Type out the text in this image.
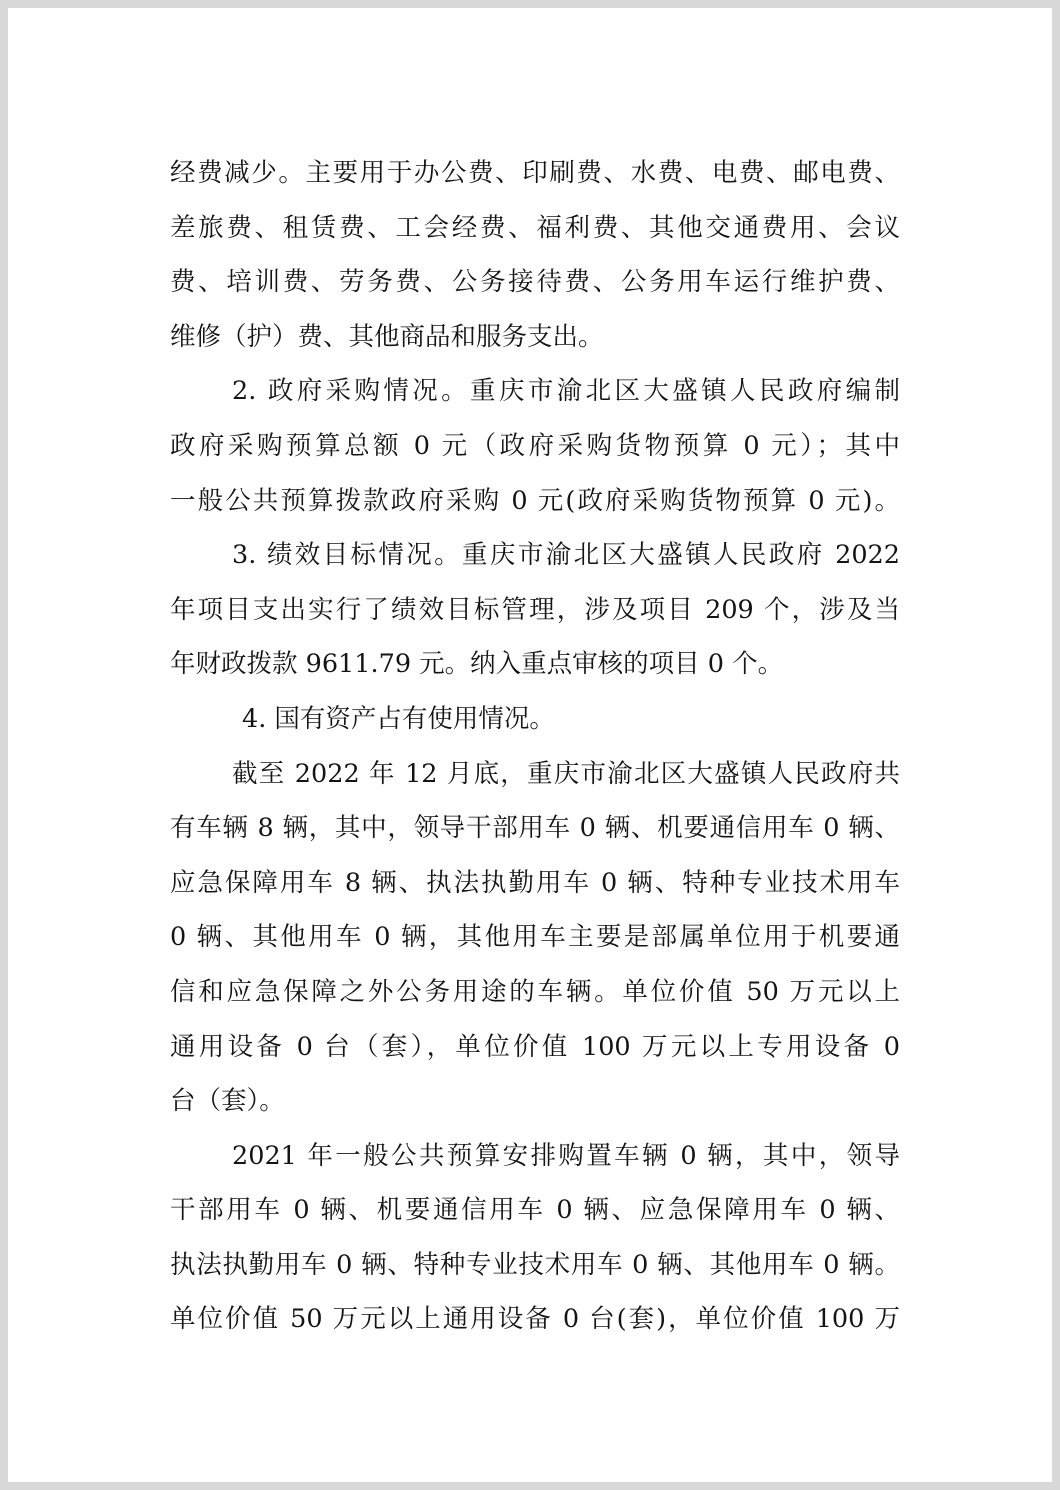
经费减少。主要用于办公费、印刷费、水费、电费、邮电费、
差旅费、租赁费、工会经费、福利费、其他交通费用、会议
费、培训费、劳务费、公务接待费、公务用车运行维护费、
维修（护）费、其他商品和服务支出。
2. 政府采购情况。重庆市渝北区大盛镇人民政府编制
政府采购预算总额 0 元（政府采购货物预算 0 元）；其中
一般公共预算拨款政府采购 0 元(政府采购货物预算 0 元)。
3. 绩效目标情况。重庆市渝北区大盛镇人民政府 2022
年项目支出实行了绩效目标管理，涉及项目 209 个，涉及当
年财政拨款 9611.79 元。纳入重点审核的项目 0 个。
4. 国有资产占有使用情况。
截至 2022 年 12 月底，重庆市渝北区大盛镇人民政府共
有车辆 8 辆，其中，领导干部用车 0 辆、机要通信用车 0 辆、
应急保障用车 8 辆、执法执勤用车 0 辆、特种专业技术用车
0 辆、其他用车 0 辆，其他用车主要是部属单位用于机要通
信和应急保障之外公务用途的车辆。单位价值 50 万元以上
通用设备 0 台（套），单位价值 100 万元以上专用设备 0
台（套）。
2021 年一般公共预算安排购置车辆 0 辆，其中，领导
干部用车 0 辆、机要通信用车 0 辆、应急保障用车 0 辆、
执法执勤用车 0 辆、特种专业技术用车 0 辆、其他用车 0 辆。
单位价值 50 万元以上通用设备 0 台(套)，单位价值 100 万
